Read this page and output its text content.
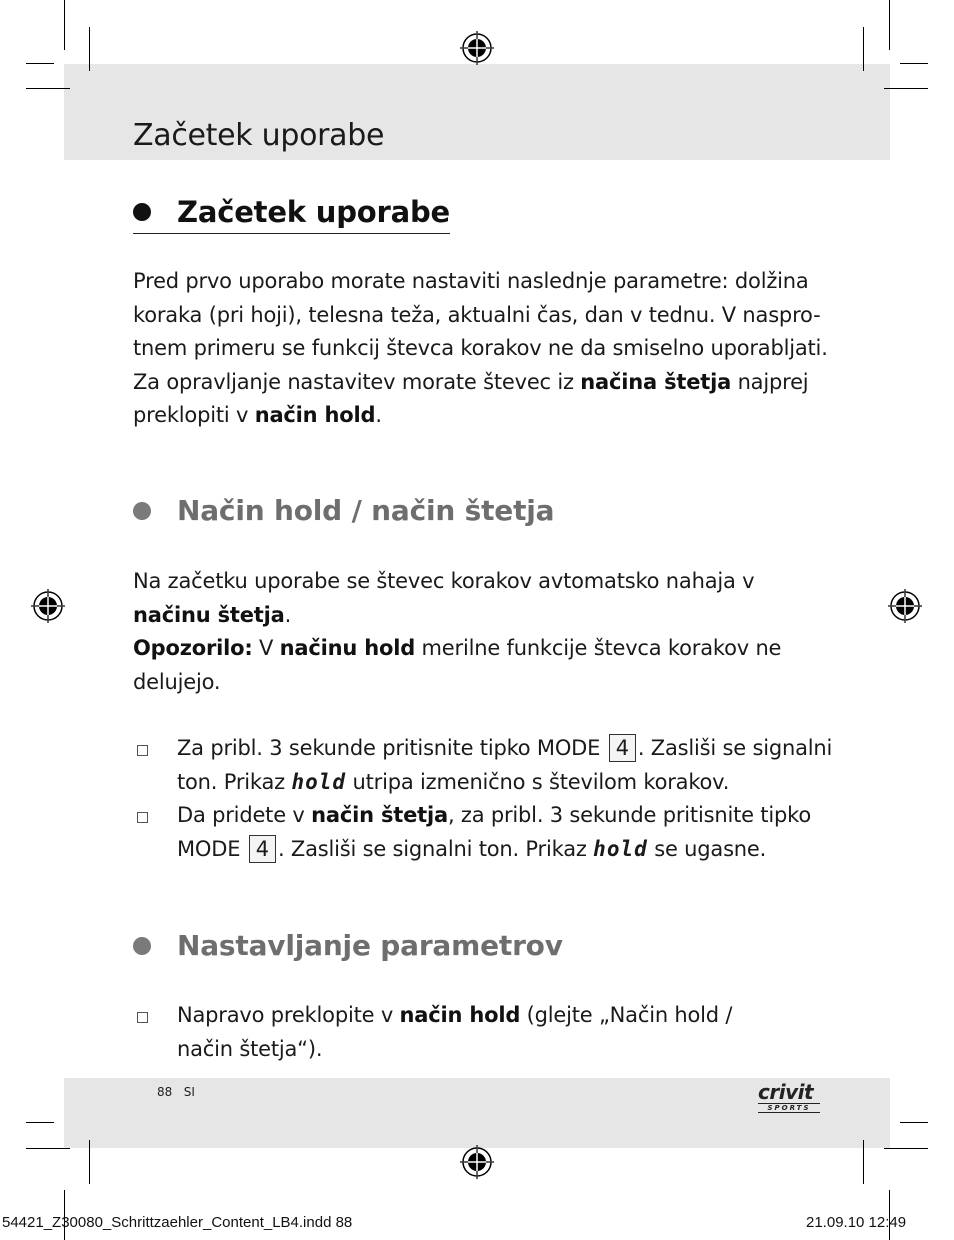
Začetek uporabe
Začetek uporabe
Pred prvo uporabo morate nastaviti naslednje parametre: dolžina
koraka (pri hoji), telesna teža, aktualni čas, dan v tednu. V naspro-
tnem primeru se funkcij števca korakov ne da smiselno uporabljati.
Za opravljanje nastavitev morate števec iz načina štetja najprej
preklopiti v način hold.
Način hold / način štetja
Na začetku uporabe se števec korakov avtomatsko nahaja v
načinu štetja.
Opozorilo: V načinu hold merilne funkcije števca korakov ne
delujejo.
Za pribl. 3 sekunde pritisnite tipko MODE 4 . Zasliši se signalni
ton. Prikaz hold utripa izmenično s številom korakov.
Da pridete v način štetja, za pribl. 3 sekunde pritisnite tipko
MODE 4 . Zasliši se signalni ton. Prikaz hold se ugasne.
Nastavljanje parametrov
Napravo preklopite v način hold (glejte „Način hold /
način štetja“).
88 SI	crivit
SPORTS
54421_Z30080_Schrittzaehler_Content_LB4.indd 88	21.09.10 12:49
